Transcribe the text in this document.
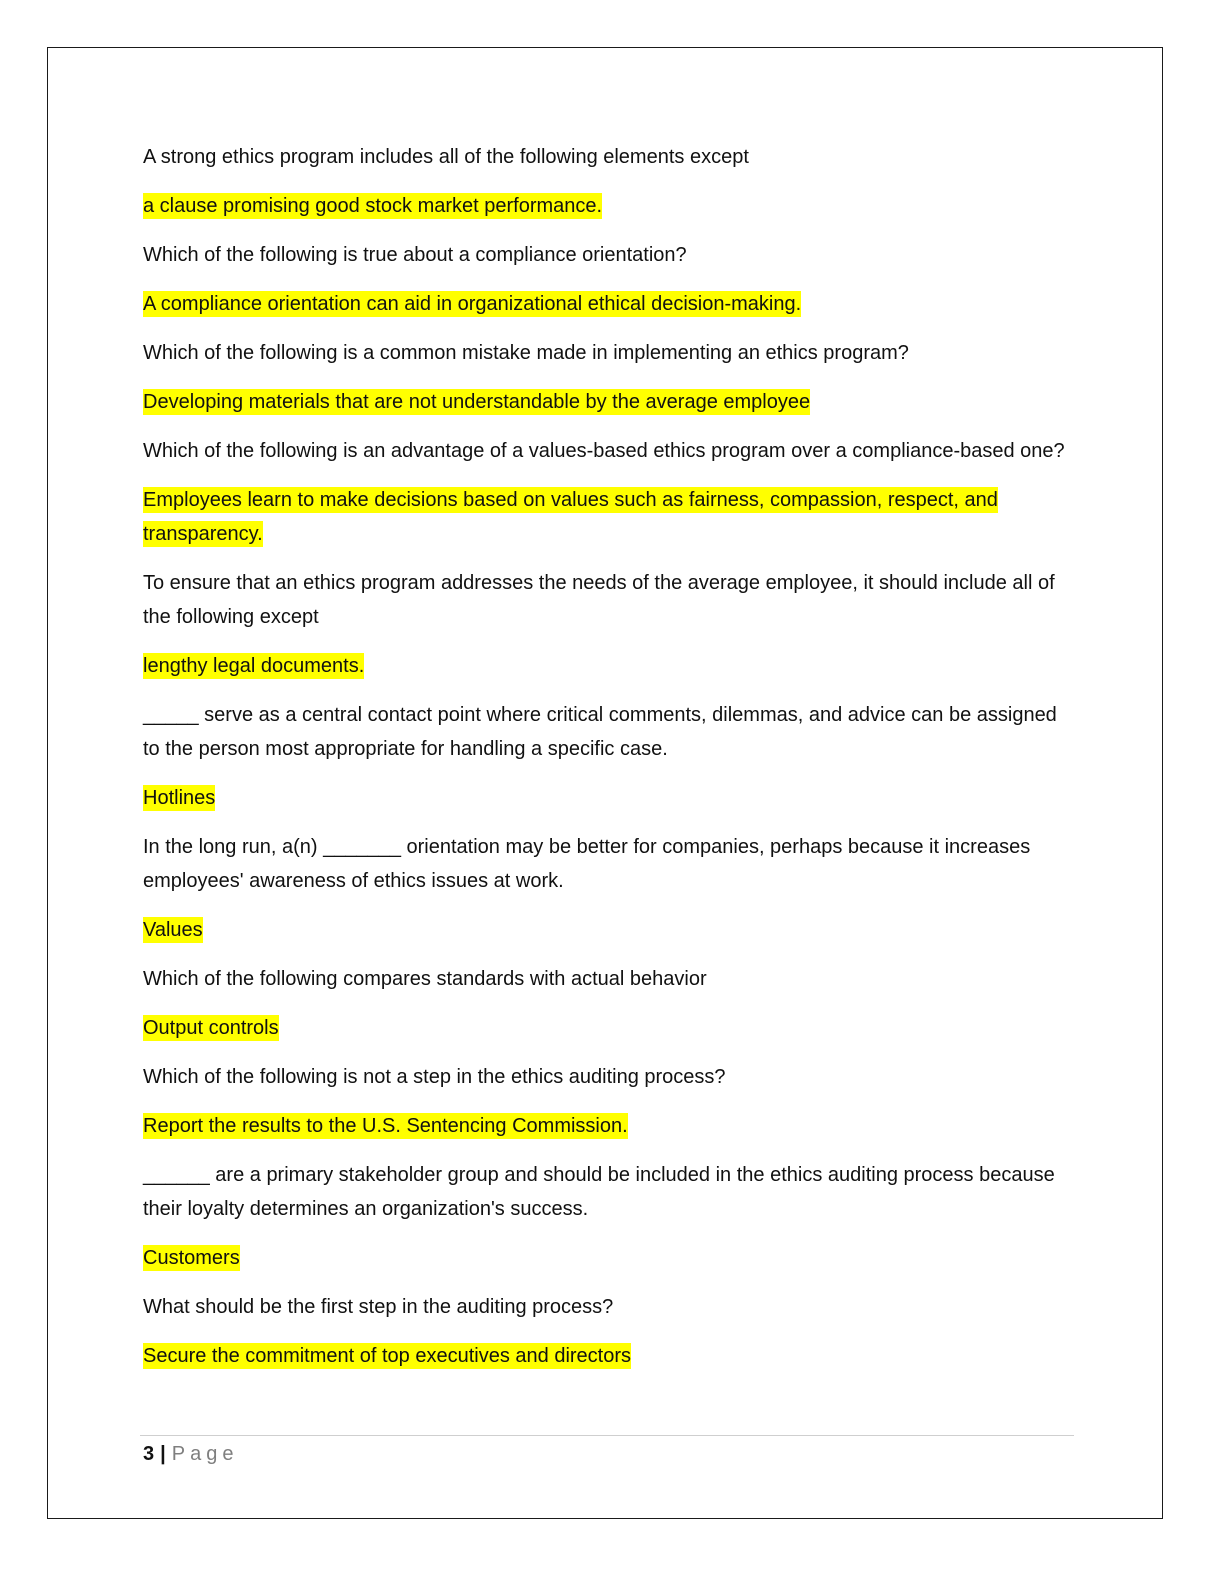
A strong ethics program includes all of the following elements except

a clause promising good stock market performance.

Which of the following is true about a compliance orientation?

A compliance orientation can aid in organizational ethical decision-making.

Which of the following is a common mistake made in implementing an ethics program?

Developing materials that are not understandable by the average employee

Which of the following is an advantage of a values-based ethics program over a compliance-based one?

Employees learn to make decisions based on values such as fairness, compassion, respect, and transparency.

To ensure that an ethics program addresses the needs of the average employee, it should include all of the following except

lengthy legal documents.

_____ serve as a central contact point where critical comments, dilemmas, and advice can be assigned to the person most appropriate for handling a specific case.

Hotlines

In the long run, a(n) _______ orientation may be better for companies, perhaps because it increases employees' awareness of ethics issues at work.

Values

Which of the following compares standards with actual behavior

Output controls

Which of the following is not a step in the ethics auditing process?

Report the results to the U.S. Sentencing Commission.

______ are a primary stakeholder group and should be included in the ethics auditing process because their loyalty determines an organization's success.

Customers

What should be the first step in the auditing process?

Secure the commitment of top executives and directors

3 | Page
